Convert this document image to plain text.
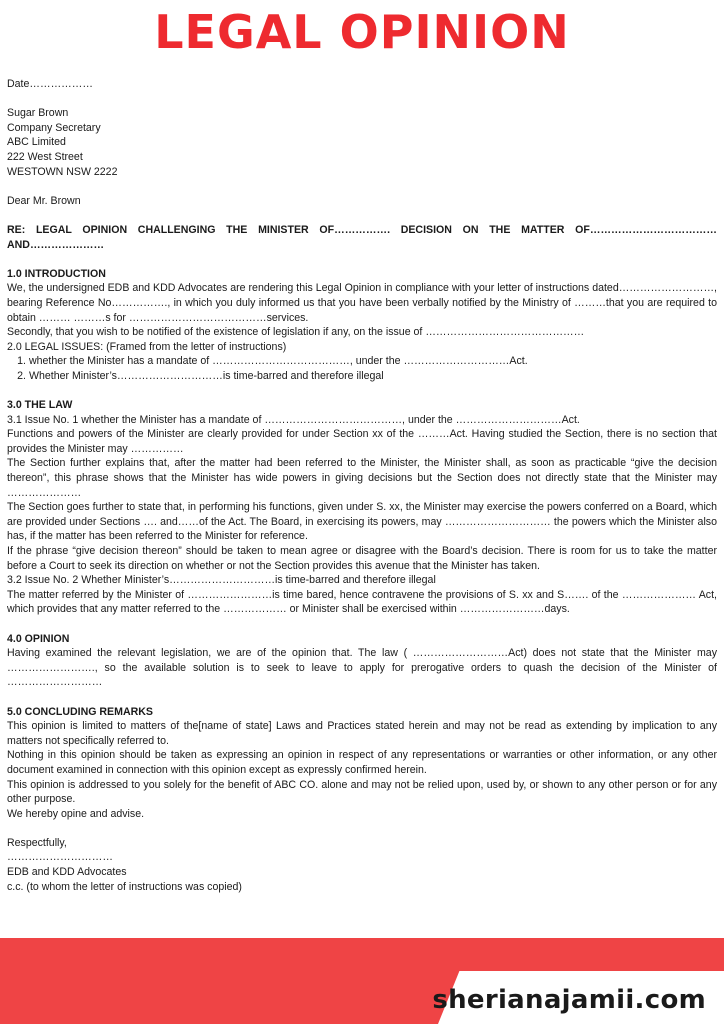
LEGAL OPINION

Date………………

Sugar Brown

Company Secretary

ABC Limited

222 West Street

WESTOWN NSW 2222

Dear Mr. Brown

RE: LEGAL OPINION CHALLENGING THE MINISTER OF……………. DECISION ON THE MATTER OF……………………………… AND…………………

1.0 INTRODUCTION

We, the undersigned EDB and KDD Advocates are rendering this Legal Opinion in compliance with your letter of instructions dated………………………, bearing Reference No……………., in which you duly informed us that you have been verbally notified by the Ministry of ………that you are required to obtain ……… ………s for …………………………………services.

Secondly, that you wish to be notified of the existence of legislation if any, on the issue of ………………………………………

2.0 LEGAL ISSUES: (Framed from the letter of instructions)

1. whether the Minister has a mandate of …………………………………, under the …………………………Act.

2. Whether Minister’s…………………………is time-barred and therefore illegal

3.0 THE LAW

3.1 Issue No. 1 whether the Minister has a mandate of …………………………………, under the …………………………Act.

Functions and powers of the Minister are clearly provided for under Section xx of the ………Act. Having studied the Section, there is no section that provides the Minister may ……………

The Section further explains that, after the matter had been referred to the Minister, the Minister shall, as soon as practicable “give the decision thereon”, this phrase shows that the Minister has wide powers in giving decisions but the Section does not directly state that the Minister may …………………

The Section goes further to state that, in performing his functions, given under S. xx, the Minister may exercise the powers conferred on a Board, which are provided under Sections …. and……of the Act. The Board, in exercising its powers, may ………………………… the powers which the Minister also has, if the matter has been referred to the Minister for reference.

If the phrase “give decision thereon” should be taken to mean agree or disagree with the Board’s decision. There is room for us to take the matter before a Court to seek its direction on whether or not the Section provides this avenue that the Minister has taken.

3.2 Issue No. 2 Whether Minister’s…………………………is time-barred and therefore illegal

The matter referred by the Minister of ……………………is time bared, hence contravene the provisions of S. xx and S……. of the ………………… Act, which provides that any matter referred to the ……………… or Minister shall be exercised within ……………………days.

4.0 OPINION

Having examined the relevant legislation, we are of the opinion that. The law ( ………………………Act) does not state that the Minister may ……………………., so the available solution is to seek to leave to apply for prerogative orders to quash the decision of the Minister of ………………………

5.0 CONCLUDING REMARKS

This opinion is limited to matters of the[name of state] Laws and Practices stated herein and may not be read as extending by implication to any matters not specifically referred to.

Nothing in this opinion should be taken as expressing an opinion in respect of any representations or warranties or other information, or any other document examined in connection with this opinion except as expressly confirmed herein.

This opinion is addressed to you solely for the benefit of ABC CO. alone and may not be relied upon, used by, or shown to any other person or for any other purpose.

We hereby opine and advise.

Respectfully,

…………………………

EDB and KDD Advocates

c.c. (to whom the letter of instructions was copied)

sherianajamii.com
